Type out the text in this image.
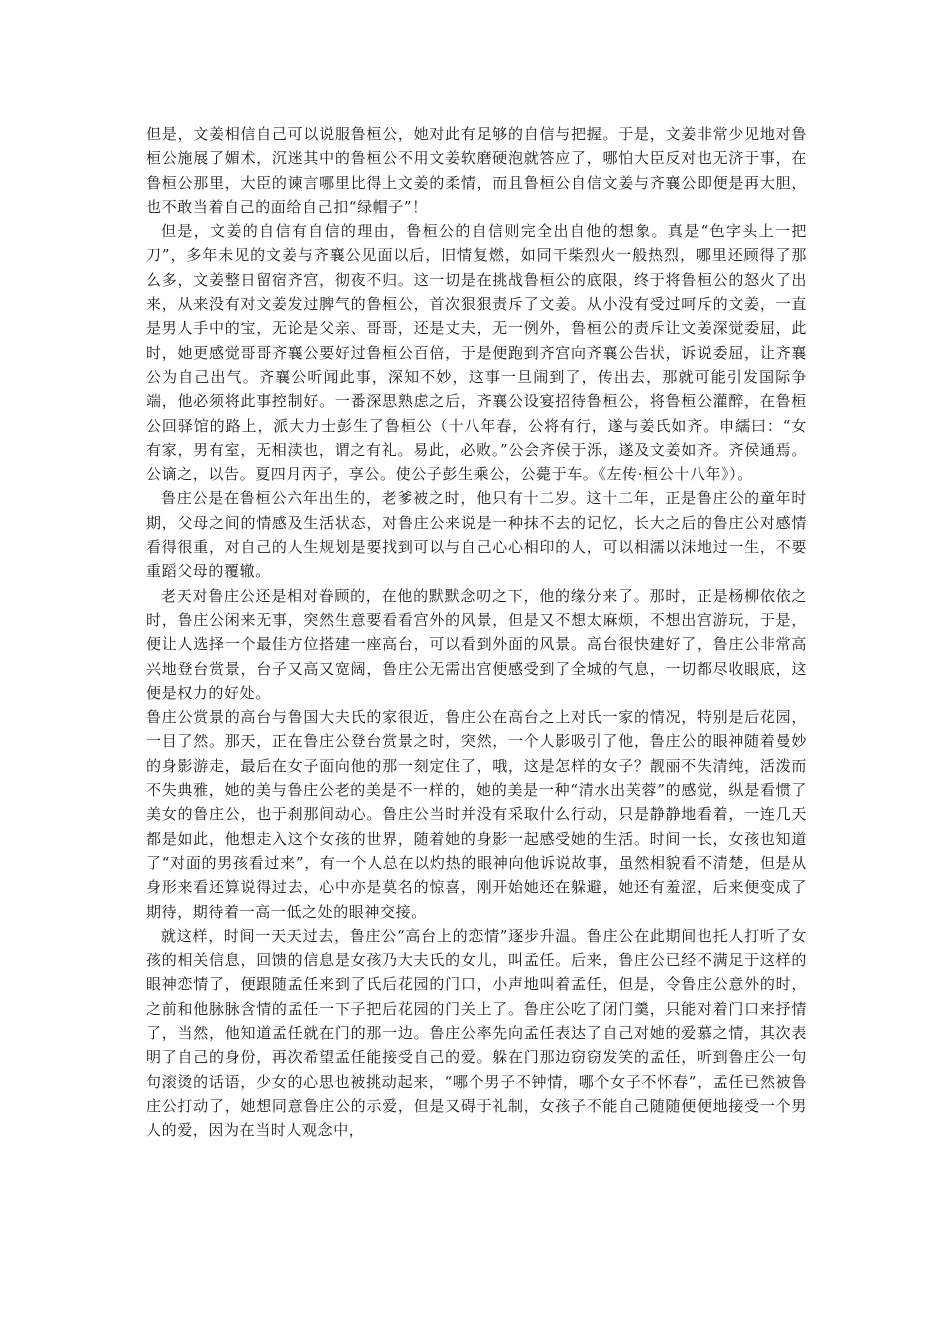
但是，文姜相信自己可以说服鲁桓公，她对此有足够的自信与把握。于是，文姜非常少见地对鲁桓公施展了媚术，沉迷其中的鲁桓公不用文姜软磨硬泡就答应了，哪怕大臣反对也无济于事，在鲁桓公那里，大臣的谏言哪里比得上文姜的柔情，而且鲁桓公自信文姜与齐襄公即便是再大胆，也不敢当着自己的面给自己扣“绿帽子”！

但是，文姜的自信有自信的理由，鲁桓公的自信则完全出自他的想象。真是“色字头上一把刀”，多年未见的文姜与齐襄公见面以后，旧情复燃，如同干柴烈火一般热烈，哪里还顾得了那么多，文姜整日留宿齐宫，彻夜不归。这一切是在挑战鲁桓公的底限，终于将鲁桓公的怒火了出来，从来没有对文姜发过脾气的鲁桓公，首次狠狠责斥了文姜。从小没有受过呵斥的文姜，一直是男人手中的宝，无论是父亲、哥哥，还是丈夫，无一例外，鲁桓公的责斥让文姜深觉委屈，此时，她更感觉哥哥齐襄公要好过鲁桓公百倍，于是便跑到齐宫向齐襄公告状，诉说委屈，让齐襄公为自己出气。齐襄公听闻此事，深知不妙，这事一旦闹到了，传出去，那就可能引发国际争端，他必须将此事控制好。一番深思熟虑之后，齐襄公设宴招待鲁桓公，将鲁桓公灌醉，在鲁桓公回驿馆的路上，派大力士彭生了鲁桓公（十八年春，公将有行，遂与姜氏如齐。申繻曰：“女有家，男有室，无相渎也，谓之有礼。易此，必败。”公会齐侯于泺，遂及文姜如齐。齐侯通焉。公谪之，以告。夏四月丙子，享公。使公子彭生乘公，公薨于车。《左传·桓公十八年》）。

鲁庄公是在鲁桓公六年出生的，老爹被之时，他只有十二岁。这十二年，正是鲁庄公的童年时期，父母之间的情感及生活状态，对鲁庄公来说是一种抹不去的记忆，长大之后的鲁庄公对感情看得很重，对自己的人生规划是要找到可以与自己心心相印的人，可以相濡以沫地过一生，不要重蹈父母的覆辙。

老天对鲁庄公还是相对眷顾的，在他的默默念叨之下，他的缘分来了。那时，正是杨柳依依之时，鲁庄公闲来无事，突然生意要看看宫外的风景，但是又不想太麻烦，不想出宫游玩，于是，便让人选择一个最佳方位搭建一座高台，可以看到外面的风景。高台很快建好了，鲁庄公非常高兴地登台赏景，台子又高又宽阔，鲁庄公无需出宫便感受到了全城的气息，一切都尽收眼底，这便是权力的好处。

鲁庄公赏景的高台与鲁国大夫氏的家很近，鲁庄公在高台之上对氏一家的情况，特别是后花园，一目了然。那天，正在鲁庄公登台赏景之时，突然，一个人影吸引了他，鲁庄公的眼神随着曼妙的身影游走，最后在女子面向他的那一刻定住了，哦，这是怎样的女子？靓丽不失清纯，活泼而不失典雅，她的美与鲁庄公老的美是不一样的，她的美是一种“清水出芙蓉”的感觉，纵是看惯了美女的鲁庄公，也于刹那间动心。鲁庄公当时并没有采取什么行动，只是静静地看着，一连几天都是如此，他想走入这个女孩的世界，随着她的身影一起感受她的生活。时间一长，女孩也知道了“对面的男孩看过来”，有一个人总在以灼热的眼神向他诉说故事，虽然相貌看不清楚，但是从身形来看还算说得过去，心中亦是莫名的惊喜，刚开始她还在躲避，她还有羞涩，后来便变成了期待，期待着一高一低之处的眼神交接。

就这样，时间一天天过去，鲁庄公“高台上的恋情”逐步升温。鲁庄公在此期间也托人打听了女孩的相关信息，回馈的信息是女孩乃大夫氏的女儿，叫孟任。后来，鲁庄公已经不满足于这样的眼神恋情了，便跟随孟任来到了氏后花园的门口，小声地叫着孟任，但是，令鲁庄公意外的时，之前和他脉脉含情的孟任一下子把后花园的门关上了。鲁庄公吃了闭门羹，只能对着门口来抒情了，当然，他知道孟任就在门的那一边。鲁庄公率先向孟任表达了自己对她的爱慕之情，其次表明了自己的身份，再次希望孟任能接受自己的爱。躲在门那边窃窃发笑的孟任，听到鲁庄公一句句滚烫的话语，少女的心思也被挑动起来，“哪个男子不钟情，哪个女子不怀春”，孟任已然被鲁庄公打动了，她想同意鲁庄公的示爱，但是又碍于礼制，女孩子不能自己随随便便地接受一个男人的爱，因为在当时人观念中，
